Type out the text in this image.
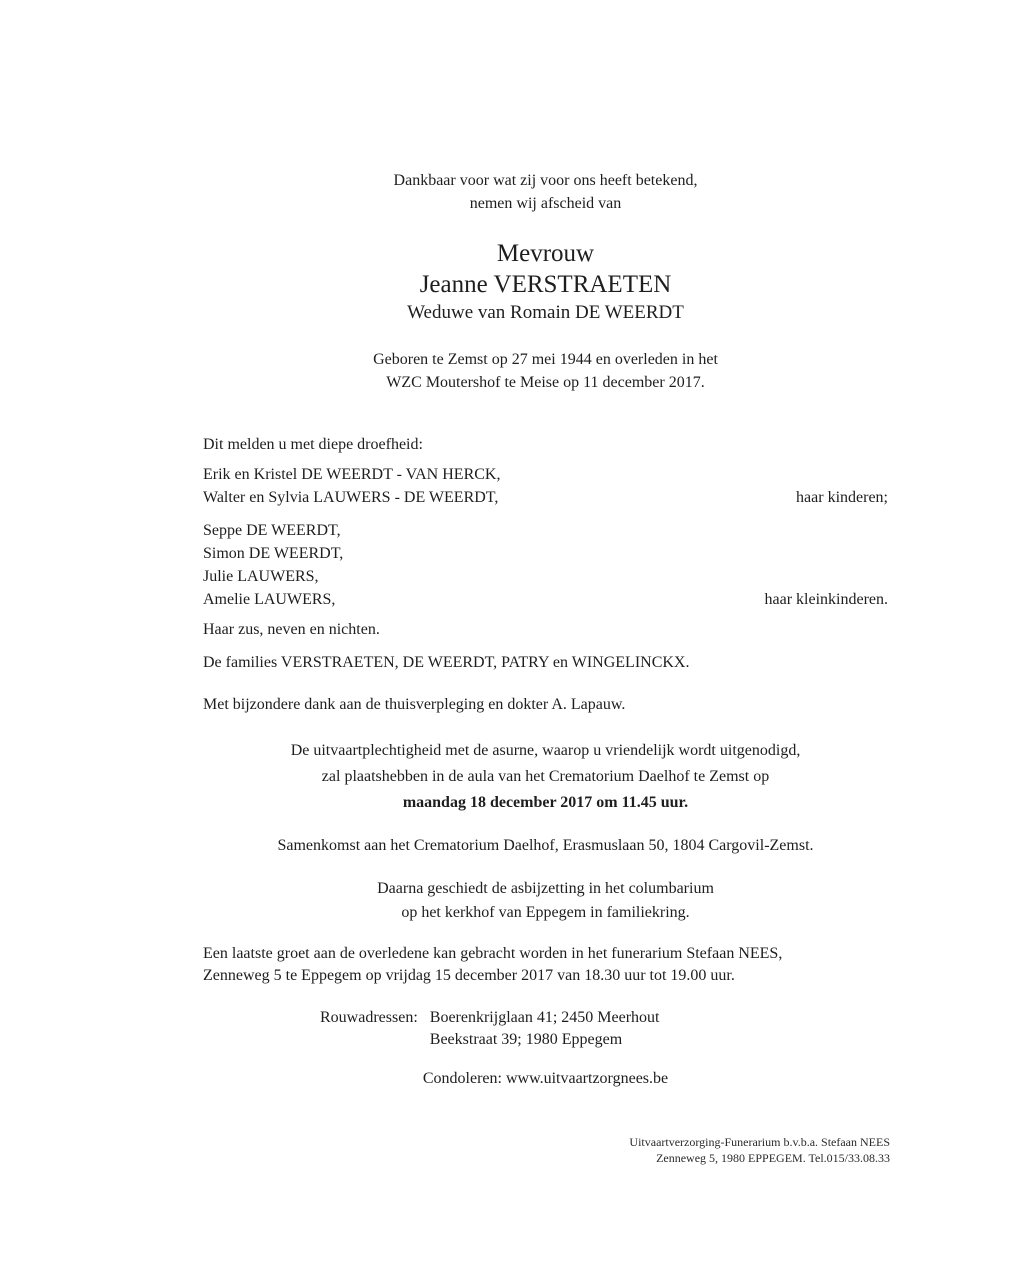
Dankbaar voor wat zij voor ons heeft betekend,
nemen wij afscheid van
Mevrouw
Jeanne VERSTRAETEN
Weduwe van Romain DE WEERDT
Geboren te Zemst op 27 mei 1944 en overleden in het
WZC Moutershof te Meise op 11 december 2017.
Dit melden u met diepe droefheid:
Erik en Kristel DE WEERDT - VAN HERCK,
Walter en Sylvia LAUWERS - DE WEERDT,	haar kinderen;
Seppe DE WEERDT,
Simon DE WEERDT,
Julie LAUWERS,
Amelie LAUWERS,	haar kleinkinderen.
Haar zus, neven en nichten.
De families VERSTRAETEN, DE WEERDT, PATRY en WINGELINCKX.
Met bijzondere dank aan de thuisverpleging en dokter A. Lapauw.
De uitvaartplechtigheid met de asurne, waarop u vriendelijk wordt uitgenodigd,
zal plaatshebben in de aula van het Crematorium Daelhof te Zemst op
maandag 18 december 2017 om 11.45 uur.
Samenkomst aan het Crematorium Daelhof, Erasmuslaan 50, 1804 Cargovil-Zemst.
Daarna geschiedt de asbijzetting in het columbarium
op het kerkhof van Eppegem in familiekring.
Een laatste groet aan de overledene kan gebracht worden in het funerarium Stefaan NEES,
Zenneweg 5 te Eppegem op vrijdag 15 december 2017 van 18.30 uur tot 19.00 uur.
Rouwadressen: Boerenkrijglaan 41; 2450 Meerhout
Beekstraat 39; 1980 Eppegem
Condoleren: www.uitvaartzorgnees.be
Uitvaartverzorging-Funerarium b.v.b.a. Stefaan NEES
Zenneweg 5, 1980 EPPEGEM. Tel.015/33.08.33
